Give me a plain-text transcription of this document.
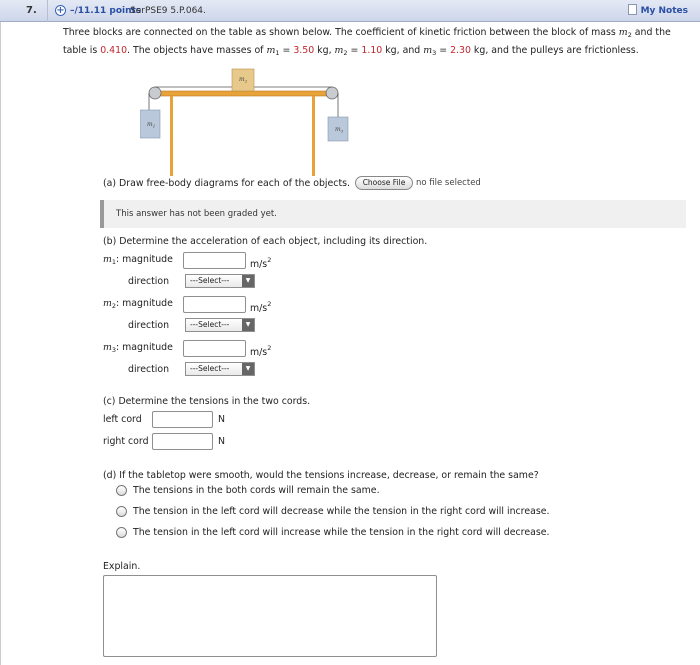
7.	+ –/11.11 points
SerPSE9 5.P.064.	My Notes
Three blocks are connected on the table as shown below. The coefficient of kinetic friction between the block of mass $m_2$ and the
table is 0.410. The objects have masses of $m_1 = 3.50$ kg, $m_2 = 1.10$ kg, and $m_3 = 2.30$ kg, and the pulleys are frictionless.
$m_2$
$m_1$	$m_3$
(a) Draw free-body diagrams for each of the objects.	Choose File	no file selected
This answer has not been graded yet.
(b) Determine the acceleration of each object, including its direction.
$m_1$: magnitude	$m/s^2$
direction	---Select---	▼
$m_2$: magnitude	$m/s^2$
direction	---Select---	▼
$m_3$: magnitude	$m/s^2$
direction	---Select---	▼
(c) Determine the tensions in the two cords.
left cord	N
right cord	N
(d) If the tabletop were smooth, would the tensions increase, decrease, or remain the same?
The tensions in the both cords will remain the same.
The tension in the left cord will decrease while the tension in the right cord will increase.
The tension in the left cord will increase while the tension in the right cord will decrease.
Explain.
